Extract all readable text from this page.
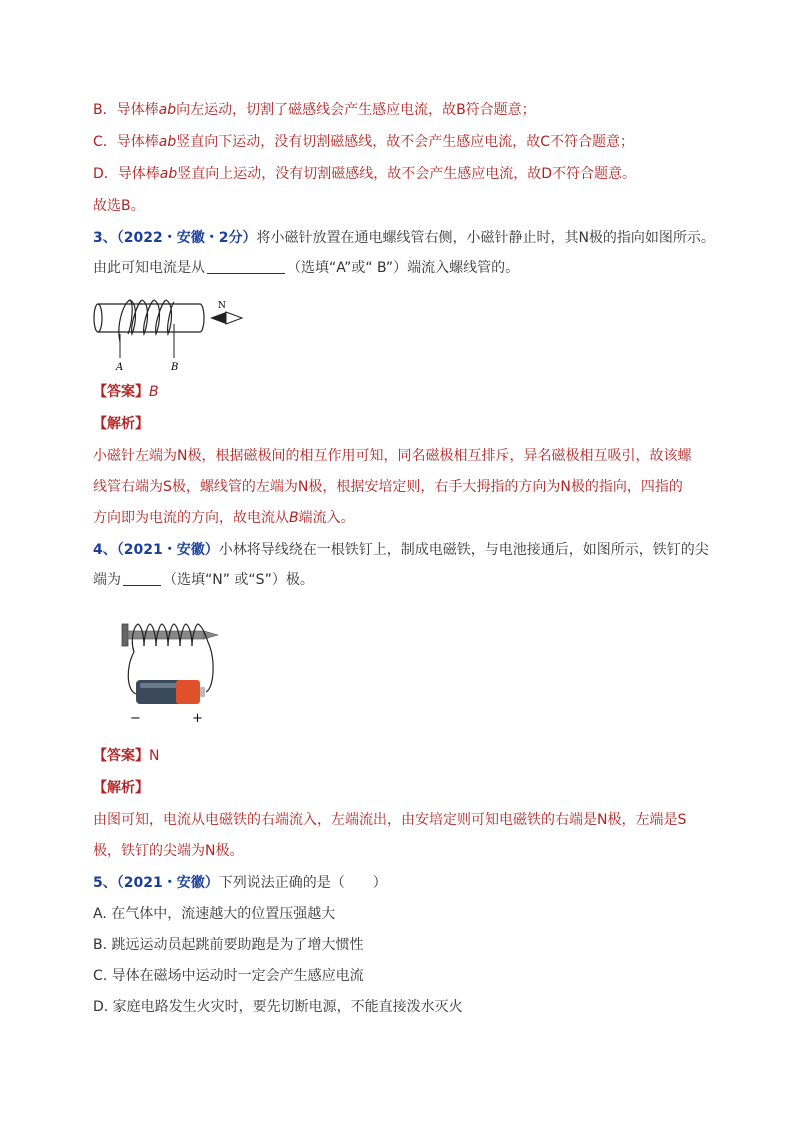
B．导体棒ab向左运动，切割了磁感线会产生感应电流，故B符合题意；
C．导体棒ab竖直向下运动，没有切割磁感线，故不会产生感应电流，故C不符合题意；
D．导体棒ab竖直向上运动，没有切割磁感线，故不会产生感应电流，故D不符合题意。
故选B。
3、（2022・安徽・2分）将小磁针放置在通电螺线管右侧，小磁针静止时，其N极的指向如图所示。
由此可知电流是从	（选填“A”或“ B”）端流入螺线管的。
A	B
N
【答案】B
【解析】
小磁针左端为N极，根据磁极间的相互作用可知，同名磁极相互排斥，异名磁极相互吸引，故该螺
线管右端为S极，螺线管的左端为N极，根据安培定则，右手大拇指的方向为N极的指向，四指的
方向即为电流的方向，故电流从B端流入。
4、（2021・安徽）小林将导线绕在一根铁钉上，制成电磁铁，与电池接通后，如图所示，铁钉的尖
端为	（选填“N” 或“S”）极。
−	+
【答案】N
【解析】
由图可知，电流从电磁铁的右端流入，左端流出，由安培定则可知电磁铁的右端是N极，左端是S
极，铁钉的尖端为N极。
5、（2021・安徽）下列说法正确的是（　　）
A. 在气体中，流速越大的位置压强越大
B. 跳远运动员起跳前要助跑是为了增大惯性
C. 导体在磁场中运动时一定会产生感应电流
D. 家庭电路发生火灾时，要先切断电源，不能直接泼水灭火
